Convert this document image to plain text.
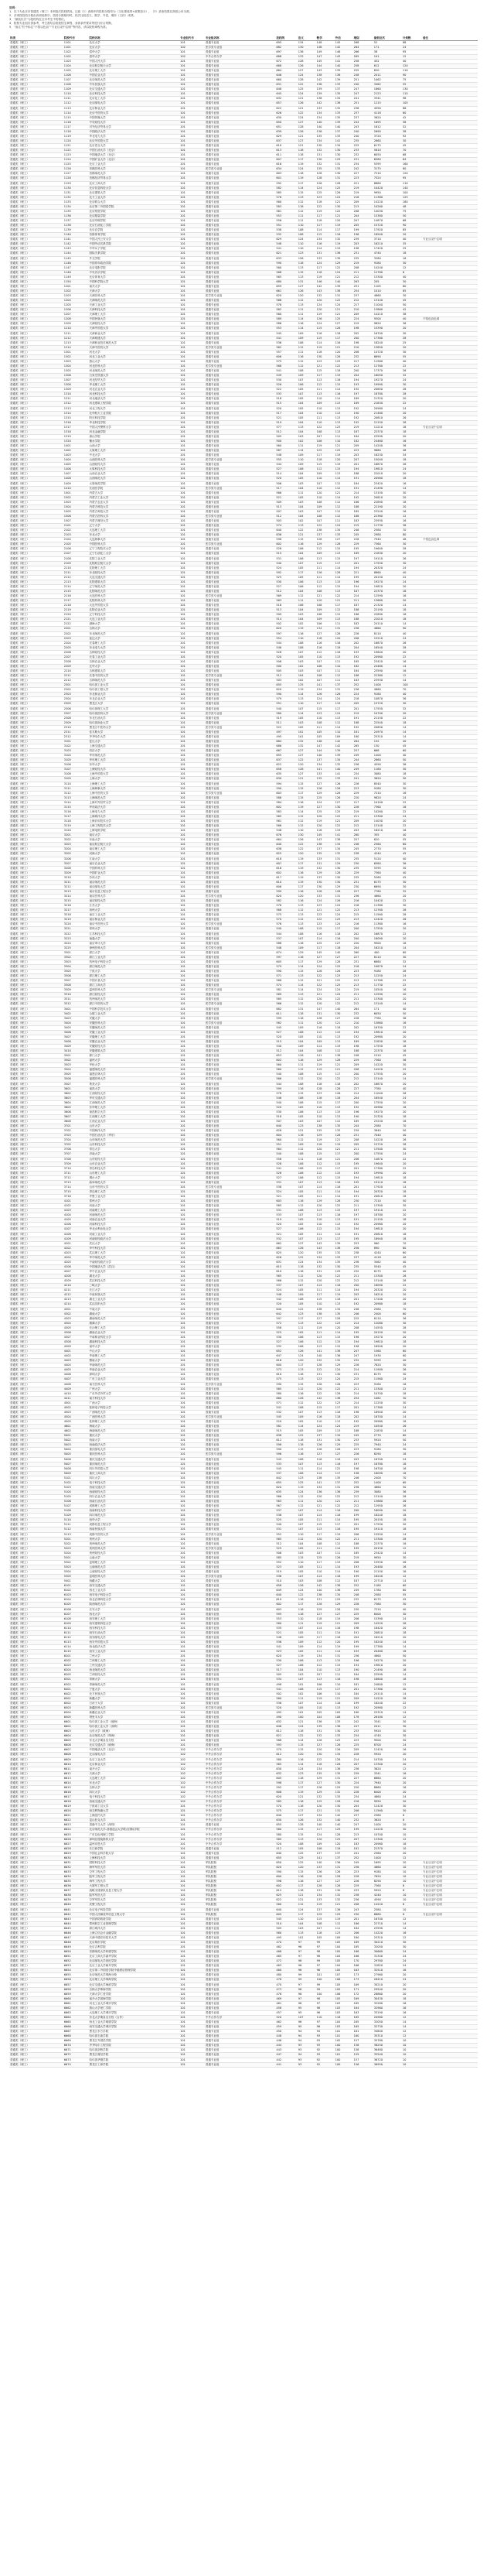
说明：

1．以下为北京市普通类（理工）本科批次投档情况。注意（1）表格中的投档分数均为（文化课成绩+政策加分），（2）录取结果以高校公布为准。

2．各项按投档分数由高到低排序；投档分数相同时，依次比较语文、数学、外语、理综（文综）成绩。

3．“最低位次”为投档线在全市考生中的排位。

4．院校专业组仅供参考，考生需结合院校招生章程、身体条件要求等进行综合判断。

5．“备注”栏中标注“不招以色盲”“专业目录中注明”等内容，请以院校章程为准。

科类	院校代号	院校名称	专业组代号	专业组名称	投档线	语文	数学	外语	理综	最低位次	计划数	备注
普通类（理工）	1101	北京大学	101	普通专业组	695	134	148	145	268	52	88	
普通类（理工）	1101	北京大学	102	医学类专业组	682	130	146	142	264	171	24	
普通类（理工）	1102	清华大学	101	普通专业组	697	136	149	146	266	38	95	
普通类（理工）	1102	清华大学	102	中外合作办学	688	133	147	143	265	101	12	
普通类（理工）	1103	中国人民大学	101	普通专业组	672	128	145	141	258	452	40	
普通类（理工）	1104	北京航空航天大学	101	普通专业组	668	126	144	140	258	612	120	
普通类（理工）	1105	北京理工大学	101	普通专业组	664	127	143	139	255	820	110	
普通类（理工）	1106	中国农业大学	101	普通专业组	646	124	138	136	248	2011	90	
普通类（理工）	1107	北京师范大学	101	普通专业组	660	128	142	139	251	1062	75	
普通类（理工）	1108	中央民族大学	101	普通专业组	631	122	136	133	240	3462	55	
普通类（理工）	1109	北京交通大学	101	普通专业组	648	125	139	137	247	1860	130	
普通类（理工）	1110	北京科技大学	101	普通专业组	645	124	139	135	247	2123	115	
普通类（理工）	1111	北京化工大学	101	普通专业组	632	121	136	134	241	3341	98	
普通类（理工）	1112	北京邮电大学	101	普通专业组	657	126	142	138	251	1215	105	
普通类（理工）	1113	北京林业大学	101	普通专业组	622	121	133	132	236	4590	86	
普通类（理工）	1114	北京中医药大学	101	普通专业组	626	122	134	133	237	4118	60	
普通类（理工）	1115	中国传媒大学	101	普通专业组	630	124	134	135	237	3620	42	
普通类（理工）	1116	中央财经大学	101	普通专业组	650	127	140	139	244	1695	58	
普通类（理工）	1117	对外经济贸易大学	101	普通专业组	651	128	140	140	243	1612	52	
普通类（理工）	1118	中国政法大学	101	普通专业组	639	126	136	137	240	2690	38	
普通类（理工）	1119	华北电力大学	101	普通专业组	629	121	135	133	240	3720	92	
普通类（理工）	1120	北京外国语大学	101	普通专业组	637	127	134	141	235	2860	30	
普通类（理工）	1121	北京语言大学	101	普通专业组	610	121	130	134	225	6175	45	
普通类（理工）	1122	中国石油大学（北京）	101	普通专业组	613	118	132	130	233	5810	70	
普通类（理工）	1123	中国地质大学（北京）	101	普通专业组	611	118	131	130	232	6050	68	
普通类（理工）	1124	中国矿业大学（北京）	101	普通专业组	607	117	130	129	231	6580	64	
普通类（理工）	1125	北京工业大学	101	普通专业组	616	119	132	131	234	5395	160	
普通类（理工）	1126	首都医科大学	101	医学类专业组	634	124	135	133	242	3175	80	
普通类（理工）	1127	首都师范大学	101	普通专业组	603	118	128	130	227	7210	120	
普通类（理工）	1128	首都经济贸易大学	101	普通专业组	601	119	128	131	223	7524	95	
普通类（理工）	1129	北京工商大学	101	普通专业组	592	117	126	128	221	8860	110	
普通类（理工）	1130	北京信息科技大学	101	普通专业组	582	114	124	125	219	10420	140	
普通类（理工）	1131	北京建筑大学	101	普通专业组	585	115	125	126	219	9950	100	
普通类（理工）	1132	北方工业大学	101	普通专业组	576	113	123	124	216	11380	125	
普通类（理工）	1133	北京联合大学	101	普通专业组	560	112	118	121	209	14220	180	
普通类（理工）	1134	北京第二外国语学院	101	普通专业组	583	118	122	130	213	10260	48	
普通类（理工）	1135	北京物资学院	101	普通专业组	561	112	119	122	208	14030	75	
普通类（理工）	1136	北京服装学院	101	普通专业组	553	111	117	121	204	15380	50	
普通类（理工）	1137	北京印刷学院	101	普通专业组	556	111	118	120	207	14870	68	
普通类（理工）	1138	北京石油化工学院	101	普通专业组	551	110	117	119	205	15720	90	
普通类（理工）	1139	北京农学院	101	普通专业组	538	108	114	117	199	17920	85	
普通类（理工）	1140	首都体育学院	101	普通专业组	532	108	112	116	196	18940	20	
普通类（理工）	1141	中国人民公安大学	101	普通专业组	629	124	134	132	239	3710	40	专业目录中注明
普通类（理工）	1142	中国劳动关系学院	101	普通专业组	548	110	116	119	203	16210	35	
普通类（理工）	1143	中华女子学院	101	普通专业组	541	110	114	119	198	17420	25	
普通类（理工）	1144	国际关系学院	101	普通专业组	621	123	131	136	231	4740	18	
普通类（理工）	1145	外交学院	101	普通专业组	633	126	133	139	235	3280	16	
普通类（理工）	1146	中国青年政治学院	101	普通专业组	590	118	124	129	219	9180	30	
普通类（理工）	1147	北京电影学院	101	普通专业组	560	113	117	122	208	14240	12	
普通类（理工）	1148	中央音乐学院	101	普通专业组	568	115	118	124	211	12780	6	
普通类（理工）	1149	北京体育大学	101	普通专业组	565	113	119	121	212	13300	40	
普通类（理工）	1150	中国科学院大学	101	普通专业组	680	131	146	140	263	205	30	
普通类（理工）	1201	南开大学	101	普通专业组	659	127	142	139	251	1105	60	
普通类（理工）	1202	天津大学	101	普通专业组	661	126	143	138	254	1010	85	
普通类（理工）	1203	天津医科大学	101	医学类专业组	620	120	132	131	237	4860	30	
普通类（理工）	1204	天津师范大学	101	普通专业组	566	112	120	122	212	13140	45	
普通类（理工）	1205	天津工业大学	101	普通专业组	578	113	124	124	217	11040	50	
普通类（理工）	1206	天津科技大学	101	普通专业组	562	111	120	121	210	13860	42	
普通类（理工）	1207	天津理工大学	101	普通专业组	560	111	119	121	209	14210	38	
普通类（理工）	1208	中国民航大学	101	普通专业组	589	114	126	125	224	9300	40	不招色盲色弱
普通类（理工）	1209	天津财经大学	101	普通专业组	586	116	124	127	219	9820	36	
普通类（理工）	1210	天津外国语大学	101	普通专业组	553	114	115	126	198	15390	20	
普通类（理工）	1211	天津商业大学	101	普通专业组	545	109	116	118	202	16700	30	
普通类（理工）	1212	天津城建大学	101	普通专业组	541	109	115	117	200	17380	28	
普通类（理工）	1213	天津职业技术师范大学	101	普通专业组	536	108	114	116	198	18240	25	
普通类（理工）	1214	天津中医药大学	101	医学类专业组	562	112	119	121	210	13850	20	
普通类（理工）	1301	河北大学	101	普通专业组	557	111	118	120	208	14720	30	
普通类（理工）	1302	河北工业大学	101	普通专业组	606	116	130	128	232	6690	55	
普通类（理工）	1303	燕山大学	101	普通专业组	575	112	123	123	217	11560	40	
普通类（理工）	1304	河北医科大学	101	医学类专业组	568	112	121	122	213	12760	22	
普通类（理工）	1305	河北师范大学	101	普通专业组	541	108	115	118	200	17370	26	
普通类（理工）	1306	石家庄铁道大学	101	普通专业组	549	109	117	119	204	16050	32	
普通类（理工）	1307	河北经贸大学	101	普通专业组	530	107	113	116	194	19270	24	
普通类（理工）	1308	华北理工大学	101	普通专业组	526	106	112	115	193	19990	30	
普通类（理工）	1309	河北农业大学	101	普通专业组	522	105	111	114	192	20650	26	
普通类（理工）	1310	河北科技大学	101	普通专业组	533	107	113	116	197	18780	28	
普通类（理工）	1311	河北地质大学	101	普通专业组	518	105	110	114	189	21320	20	
普通类（理工）	1312	河北建筑工程学院	101	普通专业组	515	104	109	113	189	21830	22	
普通类（理工）	1313	河北工程大学	101	普通专业组	520	105	110	113	192	20980	24	
普通类（理工）	1314	北华航天工业学院	101	普通专业组	517	104	110	113	190	21480	20	
普通类（理工）	1315	防灾科技学院	101	普通专业组	521	105	111	113	192	20810	26	
普通类（理工）	1316	华北科技学院	101	普通专业组	519	104	110	113	192	21150	28	
普通类（理工）	1317	中国人民警察大学	101	普通专业组	577	113	122	123	219	11210	18	专业目录中注明
普通类（理工）	1318	河北金融学院	101	普通专业组	512	104	108	113	187	22370	18	
普通类（理工）	1319	唐山学院	101	普通专业组	505	103	107	111	184	23590	20	
普通类（理工）	1320	衡水学院	101	普通专业组	500	102	106	110	182	24460	16	
普通类（理工）	1401	山西大学	101	普通专业组	560	111	119	121	209	14200	36	
普通类（理工）	1402	太原理工大学	101	普通专业组	587	114	125	125	223	9680	48	
普通类（理工）	1403	中北大学	101	普通专业组	548	109	117	119	203	16230	34	
普通类（理工）	1404	山西医科大学	101	医学类专业组	555	110	118	120	207	15040	18	
普通类（理工）	1405	山西财经大学	101	普通专业组	544	109	115	119	201	16870	26	
普通类（理工）	1406	太原科技大学	101	普通专业组	527	106	112	115	194	19810	24	
普通类（理工）	1407	山西农业大学	101	普通专业组	514	104	109	113	188	22010	20	
普通类（理工）	1408	山西师范大学	101	普通专业组	520	105	110	114	191	20980	18	
普通类（理工）	1409	太原师范学院	101	普通专业组	506	103	107	112	184	23420	16	
普通类（理工）	1410	长治医学院	101	医学类专业组	517	104	110	112	191	21490	14	
普通类（理工）	1501	内蒙古大学	101	普通专业组	566	111	120	121	214	13150	30	
普通类（理工）	1502	内蒙古工业大学	101	普通专业组	521	105	110	114	192	20810	20	
普通类（理工）	1503	内蒙古农业大学	101	普通专业组	509	103	108	112	186	22890	18	
普通类（理工）	1504	内蒙古科技大学	101	普通专业组	513	104	109	112	188	22190	20	
普通类（理工）	1505	内蒙古师范大学	101	普通专业组	507	103	107	112	185	23240	16	
普通类（理工）	1506	内蒙古医科大学	101	医学类专业组	512	104	108	112	188	22360	12	
普通类（理工）	1507	内蒙古财经大学	101	普通专业组	503	102	107	111	183	23930	16	
普通类（理工）	2101	辽宁大学	101	普通专业组	574	113	122	124	215	11730	36	
普通类（理工）	2102	大连理工大学	101	普通专业组	640	122	138	134	246	2580	70	
普通类（理工）	2103	东北大学	101	普通专业组	636	121	137	133	245	2980	80	
普通类（理工）	2104	大连海事大学	101	普通专业组	598	115	128	127	228	7940	48	不招色盲色弱
普通类（理工）	2105	中国医科大学	101	医学类专业组	602	116	129	128	229	7360	30	
普通类（理工）	2106	辽宁工程技术大学	101	普通专业组	528	106	112	115	195	19640	28	
普通类（理工）	2107	辽宁石油化工大学	101	普通专业组	515	104	109	113	189	21830	20	
普通类（理工）	2108	沈阳工业大学	101	普通专业组	531	106	113	115	197	19110	26	
普通类（理工）	2109	沈阳航空航天大学	101	普通专业组	540	107	115	117	201	17550	30	
普通类（理工）	2110	沈阳理工大学	101	普通专业组	524	105	111	114	194	20320	24	
普通类（理工）	2111	东北财经大学	101	普通专业组	592	117	126	128	221	8860	40	
普通类（理工）	2112	大连交通大学	101	普通专业组	525	105	111	114	195	20150	22	
普通类（理工）	2113	沈阳建筑大学	101	普通专业组	530	106	113	115	196	19270	24	
普通类（理工）	2114	辽宁师范大学	101	普通专业组	527	106	112	115	194	19810	20	
普通类（理工）	2115	沈阳师范大学	101	普通专业组	512	104	108	113	187	22370	18	
普通类（理工）	2116	大连医科大学	101	医学类专业组	569	112	121	122	214	12590	16	
普通类（理工）	2117	沈阳药科大学	101	普通专业组	563	111	120	121	211	13680	20	
普通类（理工）	2118	大连外国语大学	101	普通专业组	518	106	108	117	187	21320	14	
普通类（理工）	2119	沈阳农业大学	101	普通专业组	513	104	109	112	188	22190	18	
普通类（理工）	2120	辽宁科技大学	101	普通专业组	509	103	108	112	186	22890	16	
普通类（理工）	2121	大连工业大学	101	普通专业组	514	104	109	113	188	22010	18	
普通类（理工）	2122	渤海大学	101	普通专业组	502	102	106	111	183	24110	14	
普通类（理工）	2201	吉林大学	101	普通专业组	620	119	134	131	236	4860	90	
普通类（理工）	2202	东北师范大学	101	普通专业组	597	116	127	128	226	8110	40	
普通类（理工）	2203	延边大学	101	普通专业组	554	110	118	120	206	15210	24	
普通类（理工）	2204	长春理工大学	101	普通专业组	544	108	116	118	202	16870	26	
普通类（理工）	2205	东北电力大学	101	普通专业组	546	108	116	118	204	16540	28	
普通类（理工）	2206	吉林财经大学	101	普通专业组	528	107	112	116	193	19640	20	
普通类（理工）	2207	长春工业大学	101	普通专业组	520	105	110	113	192	20980	22	
普通类（理工）	2208	吉林农业大学	101	普通专业组	506	103	107	111	185	23420	16	
普通类（理工）	2209	北华大学	101	普通专业组	500	102	106	110	182	24460	14	
普通类（理工）	2210	吉林建筑大学	101	普通专业组	505	103	107	111	184	23590	16	
普通类（理工）	2211	长春中医药大学	101	医学类专业组	512	104	108	112	188	22360	12	
普通类（理工）	2212	吉林师范大学	101	普通专业组	503	102	107	111	183	23930	14	
普通类（理工）	2301	哈尔滨工业大学	101	普通专业组	655	125	141	137	252	1400	100	
普通类（理工）	2302	哈尔滨工程大学	101	普通专业组	620	119	134	131	236	4860	70	
普通类（理工）	2303	东北林业大学	101	普通专业组	590	114	126	126	224	9180	40	
普通类（理工）	2304	东北农业大学	101	普通专业组	579	113	124	124	218	10870	36	
普通类（理工）	2305	黑龙江大学	101	普通专业组	551	110	117	119	205	15720	30	
普通类（理工）	2306	哈尔滨理工大学	101	普通专业组	540	107	115	117	201	17550	32	
普通类（理工）	2307	哈尔滨医科大学	101	医学类专业组	580	114	123	124	219	10700	20	
普通类（理工）	2308	东北石油大学	101	普通专业组	519	105	110	113	191	21150	22	
普通类（理工）	2309	哈尔滨商业大学	101	普通专业组	511	103	108	112	188	22540	18	
普通类（理工）	2310	黑龙江中医药大学	101	医学类专业组	522	105	111	114	192	20650	14	
普通类（理工）	2311	佳木斯大学	101	普通专业组	497	101	105	110	181	24970	14	
普通类（理工）	2312	齐齐哈尔大学	101	普通专业组	495	101	105	109	180	25310	14	
普通类（理工）	3101	复旦大学	101	普通专业组	684	132	146	142	264	152	40	
普通类（理工）	3102	上海交通大学	101	普通专业组	686	132	147	142	265	130	45	
普通类（理工）	3103	同济大学	101	普通专业组	667	127	144	139	257	668	60	
普通类（理工）	3104	华东师范大学	101	普通专业组	655	127	140	139	249	1400	40	
普通类（理工）	3105	华东理工大学	101	普通专业组	637	122	137	134	244	2860	50	
普通类（理工）	3106	东华大学	101	普通专业组	622	120	134	132	236	4590	36	
普通类（理工）	3107	上海财经大学	101	普通专业组	658	128	141	140	249	1180	30	
普通类（理工）	3108	上海外国语大学	101	普通专业组	635	127	133	141	234	3080	18	
普通类（理工）	3109	上海大学	101	普通专业组	630	121	135	133	241	3620	50	
普通类（理工）	3110	上海理工大学	101	普通专业组	594	115	127	126	226	8540	30	
普通类（理工）	3111	上海海事大学	101	普通专业组	590	115	126	126	223	9180	30	
普通类（理工）	3112	上海中医药大学	101	医学类专业组	603	117	129	128	229	7210	16	
普通类（理工）	3113	上海师范大学	101	普通专业组	586	115	125	126	220	9820	24	
普通类（理工）	3114	上海对外经贸大学	101	普通专业组	584	116	124	127	217	10100	22	
普通类（理工）	3115	华东政法大学	101	普通专业组	602	119	127	130	226	7360	16	
普通类（理工）	3116	上海电力大学	101	普通专业组	583	114	125	125	219	10260	22	
普通类（理工）	3117	上海海洋大学	101	普通专业组	565	112	120	122	211	13300	24	
普通类（理工）	3118	上海应用技术大学	101	普通专业组	561	112	119	121	209	14030	20	
普通类（理工）	3119	上海工程技术大学	101	普通专业组	566	112	120	122	212	13140	22	
普通类（理工）	3120	上海电机学院	101	普通专业组	548	110	116	119	203	16210	16	
普通类（理工）	3201	南京大学	101	普通专业组	676	130	145	141	260	355	40	
普通类（理工）	3202	东南大学	101	普通专业组	664	126	143	138	257	820	55	
普通类（理工）	3203	南京航空航天大学	101	普通专业组	640	122	138	134	246	2580	60	
普通类（理工）	3204	南京理工大学	101	普通专业组	638	122	137	134	245	2770	55	
普通类（理工）	3205	河海大学	101	普通专业组	625	120	135	132	238	4240	45	
普通类（理工）	3206	江南大学	101	普通专业组	618	119	133	131	235	5120	40	
普通类（理工）	3207	南京农业大学	101	普通专业组	607	117	131	129	230	6580	36	
普通类（理工）	3208	中国药科大学	101	普通专业组	616	119	132	130	235	5395	30	
普通类（理工）	3209	中国矿业大学	101	普通专业组	602	116	129	128	229	7360	40	
普通类（理工）	3210	苏州大学	101	普通专业组	617	119	133	130	235	5260	45	
普通类（理工）	3211	南京师范大学	101	普通专业组	610	119	130	130	231	6175	30	
普通类（理工）	3212	南京邮电大学	101	普通专业组	606	117	130	129	230	6690	30	
普通类（理工）	3213	南京信息工程大学	101	普通专业组	599	116	128	128	227	7780	32	
普通类（理工）	3214	南京医科大学	101	医学类专业组	620	120	133	131	236	4860	20	
普通类（理工）	3215	南京财经大学	101	普通专业组	582	116	124	126	216	10420	22	
普通类（理工）	3216	江苏大学	101	普通专业组	576	113	123	124	216	11380	30	
普通类（理工）	3217	扬州大学	101	普通专业组	568	112	121	122	213	12760	26	
普通类（理工）	3218	南京工业大学	101	普通专业组	575	113	123	124	215	11560	28	
普通类（理工）	3219	南京林业大学	101	普通专业组	570	112	122	123	213	12420	26	
普通类（理工）	3220	南京中医药大学	101	医学类专业组	576	113	123	124	216	11380	16	
普通类（理工）	3221	常州大学	101	普通专业组	540	108	115	117	200	17550	20	
普通类（理工）	3222	江苏科技大学	101	普通专业组	544	108	116	118	202	16870	22	
普通类（理工）	3223	南通大学	101	普通专业组	537	107	114	116	200	18090	20	
普通类（理工）	3224	南京审计大学	101	普通专业组	588	116	125	127	220	9500	18	
普通类（理工）	3225	徐州医科大学	101	医学类专业组	548	109	117	118	204	16210	14	
普通类（理工）	3301	浙江大学	101	普通专业组	674	129	145	140	260	400	60	
普通类（理工）	3302	浙江工业大学	101	普通专业组	597	116	127	127	227	8110	30	
普通类（理工）	3303	杭州电子科技大学	101	普通专业组	605	117	129	128	231	6880	32	
普通类（理工）	3304	浙江师范大学	101	普通专业组	579	114	124	125	216	10870	24	
普通类（理工）	3305	宁波大学	101	普通专业组	590	115	126	126	223	9180	28	
普通类（理工）	3306	浙江理工大学	101	普通专业组	571	113	122	123	213	12250	24	
普通类（理工）	3307	中国计量大学	101	普通专业组	568	112	121	122	213	12760	22	
普通类（理工）	3308	浙江工商大学	101	普通专业组	574	114	122	125	213	11730	22	
普通类（理工）	3309	温州医科大学	101	医学类专业组	581	114	124	124	219	10540	16	
普通类（理工）	3310	浙江财经大学	101	普通专业组	569	113	121	124	211	12590	20	
普通类（理工）	3311	杭州师范大学	101	普通专业组	565	112	120	122	211	13300	20	
普通类（理工）	3312	浙江中医药大学	101	医学类专业组	566	112	120	122	212	13140	14	
普通类（理工）	3401	中国科学技术大学	101	普通专业组	682	131	147	140	264	171	40	
普通类（理工）	3402	合肥工业大学	101	普通专业组	611	118	131	130	232	6050	50	
普通类（理工）	3403	安徽大学	101	普通专业组	599	116	128	127	228	7780	36	
普通类（理工）	3404	安徽医科大学	101	医学类专业组	562	111	120	121	210	13860	16	
普通类（理工）	3405	安徽师范大学	101	普通专业组	545	109	116	118	202	16700	22	
普通类（理工）	3406	安徽工业大学	101	普通专业组	527	106	112	115	194	19810	20	
普通类（理工）	3407	安徽理工大学	101	普通专业组	520	105	110	113	192	20980	20	
普通类（理工）	3408	安徽农业大学	101	普通专业组	515	104	109	113	189	21830	18	
普通类（理工）	3409	安徽财经大学	101	普通专业组	540	109	114	119	198	17550	18	
普通类（理工）	3410	安徽建筑大学	101	普通专业组	512	104	108	112	188	22370	16	
普通类（理工）	3501	厦门大学	101	普通专业组	653	126	141	138	248	1510	45	
普通类（理工）	3502	福州大学	101	普通专业组	602	116	129	128	229	7360	36	
普通类（理工）	3503	华侨大学	101	普通专业组	560	111	119	121	209	14220	30	
普通类（理工）	3504	福建师范大学	101	普通专业组	560	112	119	121	208	14220	22	
普通类（理工）	3505	福建农林大学	101	普通专业组	540	108	115	117	200	17550	20	
普通类（理工）	3506	福建医科大学	101	医学类专业组	566	112	120	122	212	13140	14	
普通类（理工）	3507	集美大学	101	普通专业组	544	108	116	118	202	16870	20	
普通类（理工）	3601	南昌大学	101	普通专业组	599	116	128	128	227	7780	40	
普通类（理工）	3602	江西财经大学	101	普通专业组	578	115	123	126	214	11040	26	
普通类（理工）	3603	华东交通大学	101	普通专业组	546	108	116	118	204	16540	24	
普通类（理工）	3604	江西师范大学	101	普通专业组	540	108	115	117	200	17550	20	
普通类（理工）	3605	东华理工大学	101	普通专业组	520	105	110	113	192	20980	18	
普通类（理工）	3606	南昌航空大学	101	普通专业组	530	106	113	115	196	19270	20	
普通类（理工）	3607	江西理工大学	101	普通专业组	518	105	110	113	190	21320	18	
普通类（理工）	3608	江西农业大学	101	普通专业组	507	103	107	112	185	23240	16	
普通类（理工）	3701	山东大学	101	普通专业组	640	123	138	135	244	2580	70	
普通类（理工）	3702	中国海洋大学	101	普通专业组	628	121	135	133	239	3840	50	
普通类（理工）	3703	中国石油大学（华东）	101	普通专业组	604	116	129	128	231	7040	40	
普通类（理工）	3704	山东师范大学	101	普通专业组	560	112	119	121	208	14220	26	
普通类（理工）	3705	山东科技大学	101	普通专业组	551	109	118	119	205	15720	28	
普通类（理工）	3706	青岛大学	101	普通专业组	564	112	120	121	211	13500	30	
普通类（理工）	3707	济南大学	101	普通专业组	540	108	115	117	200	17550	24	
普通类（理工）	3708	山东财经大学	101	普通专业组	556	111	118	121	206	14870	22	
普通类（理工）	3709	山东农业大学	101	普通专业组	528	106	112	115	195	19640	20	
普通类（理工）	3710	青岛科技大学	101	普通专业组	541	108	115	117	201	17380	22	
普通类（理工）	3711	山东理工大学	101	普通专业组	526	106	112	115	193	19990	20	
普通类（理工）	3712	烟台大学	101	普通专业组	527	106	112	115	194	19810	18	
普通类（理工）	3713	曲阜师范大学	101	普通专业组	531	107	113	116	195	19110	18	
普通类（理工）	3714	山东中医药大学	101	医学类专业组	538	107	114	116	201	17920	14	
普通类（理工）	3715	青岛理工大学	101	普通专业组	524	105	111	114	194	20320	18	
普通类（理工）	3716	齐鲁工业大学	101	普通专业组	521	105	111	114	191	20810	18	
普通类（理工）	4101	郑州大学	101	普通专业组	603	116	129	128	230	7210	50	
普通类（理工）	4102	河南大学	101	普通专业组	565	112	120	122	211	13300	30	
普通类（理工）	4103	河南理工大学	101	普通专业组	531	106	113	115	197	19110	22	
普通类（理工）	4104	河南师范大学	101	普通专业组	533	107	113	116	197	18780	20	
普通类（理工）	4105	河南农业大学	101	普通专业组	519	105	110	113	191	21150	18	
普通类（理工）	4106	河南科技大学	101	普通专业组	520	105	110	113	192	20980	20	
普通类（理工）	4107	华北水利水电大学	101	普通专业组	527	106	112	115	194	19810	20	
普通类（理工）	4108	河南工业大学	101	普通专业组	521	105	111	114	191	20810	18	
普通类（理工）	4109	河南财经政法大学	101	普通专业组	532	107	113	117	195	18940	18	
普通类（理工）	4201	武汉大学	101	普通专业组	662	127	143	139	253	960	70	
普通类（理工）	4202	华中科技大学	101	普通专业组	663	126	143	138	256	890	80	
普通类（理工）	4203	武汉理工大学	101	普通专业组	625	120	135	132	238	4240	60	
普通类（理工）	4204	华中师范大学	101	普通专业组	626	122	134	133	237	4118	40	
普通类（理工）	4205	中南财经政法大学	101	普通专业组	631	124	134	135	238	3462	40	
普通类（理工）	4206	中国地质大学（武汉）	101	普通专业组	615	118	132	130	235	5540	45	
普通类（理工）	4207	华中农业大学	101	普通专业组	610	118	131	129	232	6175	40	
普通类（理工）	4208	湖北大学	101	普通专业组	565	112	120	122	211	13300	26	
普通类（理工）	4209	武汉科技大学	101	普通专业组	566	112	120	122	212	13140	28	
普通类（理工）	4210	三峡大学	101	普通专业组	537	107	114	116	200	18090	22	
普通类（理工）	4211	长江大学	101	普通专业组	524	105	111	114	194	20320	20	
普通类（理工）	4212	中南民族大学	101	普通专业组	548	109	117	119	203	16210	20	
普通类（理工）	4213	湖北工业大学	101	普通专业组	542	108	115	118	201	17200	20	
普通类（理工）	4214	武汉纺织大学	101	普通专业组	520	105	110	113	192	20980	18	
普通类（理工）	4301	中南大学	101	普通专业组	640	122	138	134	246	2580	70	
普通类（理工）	4302	湖南大学	101	普通专业组	642	123	138	135	246	2400	60	
普通类（理工）	4303	湖南师范大学	101	普通专业组	597	117	127	128	225	8110	36	
普通类（理工）	4304	湘潭大学	101	普通专业组	572	113	122	123	214	12080	30	
普通类（理工）	4305	长沙理工大学	101	普通专业组	558	111	119	120	208	14550	28	
普通类（理工）	4306	湖南农业大学	101	普通专业组	525	105	111	114	195	20150	20	
普通类（理工）	4307	中南林业科技大学	101	普通专业组	530	106	113	115	196	19270	20	
普通类（理工）	4308	湖南科技大学	101	普通专业组	527	106	112	115	194	19810	18	
普通类（理工）	4309	南华大学	101	普通专业组	532	106	113	115	198	18940	20	
普通类（理工）	4401	中山大学	101	普通专业组	652	126	141	138	247	1560	60	
普通类（理工）	4402	华南理工大学	101	普通专业组	647	124	140	136	247	1930	60	
普通类（理工）	4403	暨南大学	101	普通专业组	616	120	132	132	232	5395	40	
普通类（理工）	4404	华南师范大学	101	普通专业组	600	117	128	129	226	7620	30	
普通类（理工）	4405	华南农业大学	101	普通专业组	573	113	122	124	214	11900	26	
普通类（理工）	4406	深圳大学	101	普通专业组	610	118	131	130	231	6175	30	
普通类（理工）	4407	广东工业大学	101	普通专业组	575	113	123	124	215	11560	24	
普通类（理工）	4408	南方医科大学	101	医学类专业组	590	115	126	126	223	9180	16	
普通类（理工）	4409	广州大学	101	普通专业组	565	112	120	122	211	13300	22	
普通类（理工）	4410	广东外语外贸大学	101	普通专业组	580	116	122	128	214	10700	18	
普通类（理工）	4411	南方科技大学	101	普通专业组	660	126	142	138	254	1062	30	
普通类（理工）	4501	广西大学	101	普通专业组	571	112	122	123	214	12250	30	
普通类（理工）	4502	桂林电子科技大学	101	普通专业组	541	108	115	117	201	17380	24	
普通类（理工）	4503	广西师范大学	101	普通专业组	532	107	113	116	196	18940	20	
普通类（理工）	4504	广西医科大学	101	医学类专业组	545	109	116	118	202	16700	14	
普通类（理工）	4505	桂林理工大学	101	普通专业组	520	105	110	113	192	20980	18	
普通类（理工）	4601	海南大学	101	普通专业组	581	114	124	124	219	10540	26	
普通类（理工）	4602	海南师范大学	101	普通专业组	515	105	109	113	188	21830	14	
普通类（理工）	5001	重庆大学	101	普通专业组	638	122	137	134	245	2770	60	
普通类（理工）	5002	西南大学	101	普通专业组	612	118	131	130	233	5920	50	
普通类（理工）	5003	西南政法大学	101	普通专业组	598	118	126	129	225	7940	24	
普通类（理工）	5004	重庆邮电大学	101	普通专业组	590	115	126	126	223	9180	30	
普通类（理工）	5005	重庆医科大学	101	医学类专业组	596	116	127	127	226	8290	18	
普通类（理工）	5006	重庆交通大学	101	普通专业组	545	108	116	118	203	16700	24	
普通类（理工）	5007	重庆师范大学	101	普通专业组	533	107	113	116	197	18780	18	
普通类（理工）	5008	四川外国语大学	101	普通专业组	545	111	114	122	198	16700	16	
普通类（理工）	5009	重庆工商大学	101	普通专业组	537	108	114	117	198	18090	18	
普通类（理工）	5101	四川大学	101	普通专业组	642	123	138	135	246	2400	70	
普通类（理工）	5102	电子科技大学	101	普通专业组	655	125	141	137	252	1400	60	
普通类（理工）	5103	西南交通大学	101	普通专业组	620	119	134	131	236	4860	50	
普通类（理工）	5104	西南财经大学	101	普通专业组	635	124	136	136	239	3080	36	
普通类（理工）	5105	四川农业大学	101	普通专业组	566	112	120	122	212	13140	26	
普通类（理工）	5106	西南石油大学	101	普通专业组	563	111	120	121	211	13680	26	
普通类（理工）	5107	成都理工大学	101	普通专业组	567	112	121	122	212	12950	26	
普通类（理工）	5108	西南科技大学	101	普通专业组	537	107	114	116	200	18090	20	
普通类（理工）	5109	四川师范大学	101	普通专业组	536	107	114	116	199	18240	18	
普通类（理工）	5110	西华大学	101	普通专业组	525	105	111	114	195	20150	18	
普通类（理工）	5111	成都信息工程大学	101	普通专业组	540	107	115	117	201	17550	20	
普通类（理工）	5112	西南民族大学	101	普通专业组	531	107	113	116	195	19110	18	
普通类（理工）	5113	成都中医药大学	101	医学类专业组	552	110	117	119	206	15550	14	
普通类（理工）	5201	贵州大学	101	普通专业组	565	112	120	122	211	13300	28	
普通类（理工）	5202	贵州师范大学	101	普通专业组	512	104	108	112	188	22370	16	
普通类（理工）	5203	贵州医科大学	101	医学类专业组	525	105	111	114	195	20150	12	
普通类（理工）	5204	贵州财经大学	101	普通专业组	506	103	107	111	185	23420	14	
普通类（理工）	5301	云南大学	101	普通专业组	585	115	125	126	219	9950	30	
普通类（理工）	5302	昆明理工大学	101	普通专业组	552	110	117	119	206	15550	26	
普通类（理工）	5303	云南师范大学	101	普通专业组	523	105	111	114	193	20480	16	
普通类（理工）	5304	云南财经大学	101	普通专业组	519	105	110	114	190	21150	16	
普通类（理工）	5305	昆明医科大学	101	医学类专业组	536	107	114	116	199	18240	12	
普通类（理工）	5401	西藏大学	101	普通专业组	510	103	108	112	187	22710	14	
普通类（理工）	6101	西安交通大学	101	普通专业组	658	126	142	138	252	1180	60	
普通类（理工）	6102	西北工业大学	101	普通专业组	649	124	140	136	249	1780	60	
普通类（理工）	6103	西安电子科技大学	101	普通专业组	640	122	138	134	246	2580	55	
普通类（理工）	6104	西北农林科技大学	101	普通专业组	610	118	131	129	232	6175	45	
普通类（理工）	6105	陕西师范大学	101	普通专业组	602	117	128	129	228	7360	30	
普通类（理工）	6106	长安大学	101	普通专业组	603	116	129	128	230	7210	40	
普通类（理工）	6107	西北大学	101	普通专业组	595	116	127	127	225	8400	30	
普通类（理工）	6108	西安理工大学	101	普通专业组	553	110	118	119	206	15390	24	
普通类（理工）	6109	西安建筑科技大学	101	普通专业组	560	111	119	121	209	14220	26	
普通类（理工）	6110	西安科技大学	101	普通专业组	535	107	114	116	198	18420	20	
普通类（理工）	6111	西安石油大学	101	普通专业组	521	105	111	114	191	20810	18	
普通类（理工）	6112	西安邮电大学	101	普通专业组	548	109	117	118	204	16210	20	
普通类（理工）	6113	西安外国语大学	101	普通专业组	536	109	112	120	195	18240	14	
普通类（理工）	6114	西北政法大学	101	普通专业组	541	109	114	119	199	17380	14	
普通类（理工）	6115	西安工业大学	101	普通专业组	523	105	111	114	193	20480	18	
普通类（理工）	6201	兰州大学	101	普通专业组	620	119	134	131	236	4860	50	
普通类（理工）	6202	兰州理工大学	101	普通专业组	530	106	113	115	196	19270	20	
普通类（理工）	6203	兰州交通大学	101	普通专业组	527	106	112	115	194	19810	20	
普通类（理工）	6204	西北师范大学	101	普通专业组	517	104	110	113	190	21490	16	
普通类（理工）	6205	兰州财经大学	101	普通专业组	505	103	107	111	184	23590	14	
普通类（理工）	6301	青海大学	101	普通专业组	534	107	113	116	198	18600	18	
普通类（理工）	6302	青海师范大学	101	普通专业组	498	101	106	110	181	24800	12	
普通类（理工）	6401	宁夏大学	101	普通专业组	541	108	115	117	201	17380	20	
普通类（理工）	6402	北方民族大学	101	普通专业组	502	102	106	110	184	24110	14	
普通类（理工）	6501	新疆大学	101	普通专业组	560	111	119	121	209	14220	28	
普通类（理工）	6502	石河子大学	101	普通专业组	536	107	114	116	199	18240	22	
普通类（理工）	6503	新疆医科大学	101	医学类专业组	520	105	110	113	192	20980	12	
普通类（理工）	6504	新疆农业大学	101	普通专业组	495	101	105	109	180	25310	14	
普通类（理工）	6505	塔里木大学	101	普通专业组	490	100	104	108	178	26180	12	
普通类（理工）	6601	哈尔滨工业大学（威海）	101	普通专业组	632	121	136	133	242	3341	30	
普通类（理工）	6602	哈尔滨工业大学（深圳）	101	普通专业组	646	124	139	136	247	2011	30	
普通类（理工）	6603	山东大学（威海）	101	普通专业组	612	118	131	130	233	5920	30	
普通类（理工）	6604	北京师范大学（珠海）	101	普通专业组	621	122	132	133	234	4740	30	
普通类（理工）	6605	东北大学秦皇岛分校	101	普通专业组	588	114	126	125	223	9500	30	
普通类（理工）	6606	北京交通大学（威海）	101	普通专业组	593	115	127	126	225	8700	24	
普通类（理工）	6607	中国地质大学（北京）	102	中外合作办学	570	115	120	126	209	12420	16	
普通类（理工）	6608	北京邮电大学	102	中外合作办学	612	120	130	134	228	5920	20	
普通类（理工）	6609	北京工业大学	102	中外合作办学	580	116	122	128	214	10700	24	
普通类（理工）	6610	北京林业大学	102	中外合作办学	565	114	118	126	207	13300	20	
普通类（理工）	6611	南开大学	102	中外合作办学	630	124	134	136	236	3620	12	
普通类（理工）	6612	天津大学	102	中外合作办学	632	123	135	135	239	3341	16	
普通类（理工）	6613	大连理工大学	102	中外合作办学	605	118	129	131	227	6880	20	
普通类（理工）	6614	东北大学	102	中外合作办学	598	117	127	130	224	7940	20	
普通类（理工）	6615	吉林大学	102	中外合作办学	592	117	126	129	220	8860	16	
普通类（理工）	6616	四川大学	102	中外合作办学	608	119	129	132	228	6400	20	
普通类（理工）	6617	电子科技大学	102	中外合作办学	620	121	132	133	234	4860	24	
普通类（理工）	6618	西南交通大学	102	中外合作办学	585	116	125	128	216	9950	20	
普通类（理工）	6619	宁波诺丁汉大学	101	中外合作办学	570	116	120	130	204	12420	30	
普通类（理工）	6620	西交利物浦大学	101	中外合作办学	575	117	121	131	206	11560	30	
普通类（理工）	6621	上海纽约大学	101	中外合作办学	640	127	134	142	237	2580	6	
普通类（理工）	6622	昆山杜克大学	101	中外合作办学	630	126	132	140	232	3620	8	
普通类（理工）	6623	香港中文大学（深圳）	101	普通专业组	655	128	140	140	247	1400	20	
普通类（理工）	6624	北京师范大学-香港浸会大学联合国际学院	101	中外合作办学	560	115	117	129	199	14220	30	
普通类（理工）	6625	广东以色列理工学院	101	中外合作办学	580	115	124	128	213	10700	10	
普通类（理工）	6626	深圳北理莫斯科大学	101	中外合作办学	565	113	120	125	207	13300	12	
普通类（理工）	6627	温州肯恩大学	101	中外合作办学	520	108	109	120	183	20980	16	
普通类（理工）	6628	长江商学院	101	普通专业组	512	105	108	118	181	22370	10	
普通类（理工）	6629	中国社会科学院大学	101	普通专业组	640	125	137	137	241	2580	20	
普通类（理工）	6630	上海科技大学	101	普通专业组	655	125	141	137	252	1400	12	
普通类（理工）	6631	国防科技大学	101	军队院校	650	125	140	136	249	1695	20	专业目录中注明
普通类（理工）	6632	海军军医大学	101	军队院校	620	120	133	131	236	4860	10	专业目录中注明
普通类（理工）	6633	空军工程大学	101	军队院校	590	115	126	126	223	9180	10	专业目录中注明
普通类（理工）	6634	陆军工程大学	101	军队院校	600	116	128	128	228	7620	10	专业目录中注明
普通类（理工）	6635	海军工程大学	101	军队院校	596	116	127	127	226	8290	10	专业目录中注明
普通类（理工）	6636	火箭军工程大学	101	军队院校	602	117	128	128	229	7360	8	专业目录中注明
普通类（理工）	6637	战略支援部队信息工程大学	101	军队院校	612	118	131	130	233	5920	8	专业目录中注明
普通类（理工）	6638	陆军军医大学	101	军队院校	625	121	134	132	238	4240	10	专业目录中注明
普通类（理工）	6639	空军军医大学	101	军队院校	622	121	133	132	236	4590	10	专业目录中注明
普通类（理工）	6640	武警工程大学	101	军队院校	560	112	119	121	208	14220	8	专业目录中注明
普通类（理工）	6641	北京电子科技学院	101	普通专业组	640	124	137	136	243	2580	10	
普通类（理工）	6642	中国人民解放军信息工程大学	101	军队院校	605	117	129	129	230	6880	8	专业目录中注明
普通类（理工）	6643	中国消防救援学院	101	普通专业组	545	110	115	119	201	16700	12	
普通类（理工）	6644	郑州航空工业管理学院	101	普通专业组	510	104	108	112	186	22710	14	
普通类（理工）	6645	浙江海洋大学	101	普通专业组	505	103	107	111	184	23590	14	
普通类（理工）	6646	上海立信会计金融学院	101	普通专业组	560	113	118	123	206	14220	16	
普通类（理工）	6647	天津中德应用技术大学	101	普通专业组	495	101	105	109	180	25310	12	
普通类（理工）	6648	北京城市学院	101	普通专业组	470	97	99	105	169	30210	30	
普通类（理工）	6649	北京吉利学院	101	普通专业组	462	96	97	104	165	32050	30	
普通类（理工）	6650	首都师范大学科德学院	101	普通专业组	468	97	98	105	168	30660	24	
普通类（理工）	6651	北京工商大学嘉华学院	101	普通专业组	465	97	98	104	166	31340	24	
普通类（理工）	6652	北京邮电大学世纪学院	101	普通专业组	472	98	99	105	170	29760	24	
普通类（理工）	6653	北京工业大学耿丹学院	101	普通专业组	463	96	97	104	166	31820	24	
普通类（理工）	6654	北京第二外国语学院中瑞酒店管理学院	101	普通专业组	460	96	96	105	163	32510	16	
普通类（理工）	6655	北京师范大学珠海分校	101	普通专业组	480	99	101	107	173	27960	20	
普通类（理工）	6656	北京理工大学珠海学院	101	普通专业组	478	99	100	106	173	28410	24	
普通类（理工）	6657	北京交通大学海滨学院	101	普通专业组	470	97	99	105	169	30210	20	
普通类（理工）	6658	吉林大学珠海学院	101	普通专业组	473	98	99	105	171	29540	20	
普通类（理工）	6659	天津大学仁爱学院	101	普通专业组	476	98	100	106	172	28860	20	
普通类（理工）	6660	南开大学滨海学院	101	普通专业组	469	97	98	105	169	30430	18	
普通类（理工）	6661	河北工业大学城市学院	101	普通专业组	461	96	97	103	165	32280	16	
普通类（理工）	6662	燕山大学里仁学院	101	普通专业组	458	95	96	103	164	32960	16	
普通类（理工）	6663	大连理工大学城市学院	101	普通专业组	457	95	96	103	163	33190	16	
普通类（理工）	6664	东北大学秦皇岛分校（合作）	101	中外合作办学	520	107	110	118	185	20980	12	
普通类（理工）	6665	西北工业大学明德学院	101	普通专业组	462	96	97	104	165	32050	14	
普通类（理工）	6666	西安交通大学城市学院	101	普通专业组	459	95	96	103	165	32730	14	
普通类（理工）	6667	黑龙江东方学院	101	普通专业组	450	94	94	101	161	34840	12	
普通类（理工）	6668	哈尔滨石油学院	101	普通专业组	448	94	93	101	160	35310	12	
普通类（理工）	6669	黑龙江外国语学院	101	普通专业组	446	94	93	102	157	35780	10	
普通类（理工）	6670	齐齐哈尔工程学院	101	普通专业组	444	93	93	100	158	36250	10	
普通类（理工）	6671	哈尔滨剑桥学院	101	普通专业组	443	93	92	100	158	36480	10	
普通类（理工）	6672	黑龙江财经学院	101	普通专业组	447	94	93	101	159	35540	10	
普通类（理工）	6673	哈尔滨华德学院	101	普通专业组	442	93	92	100	157	36720	10	
普通类（理工）	6674	黑龙江工商学院	101	普通专业组	441	93	92	100	156	36950	10	
